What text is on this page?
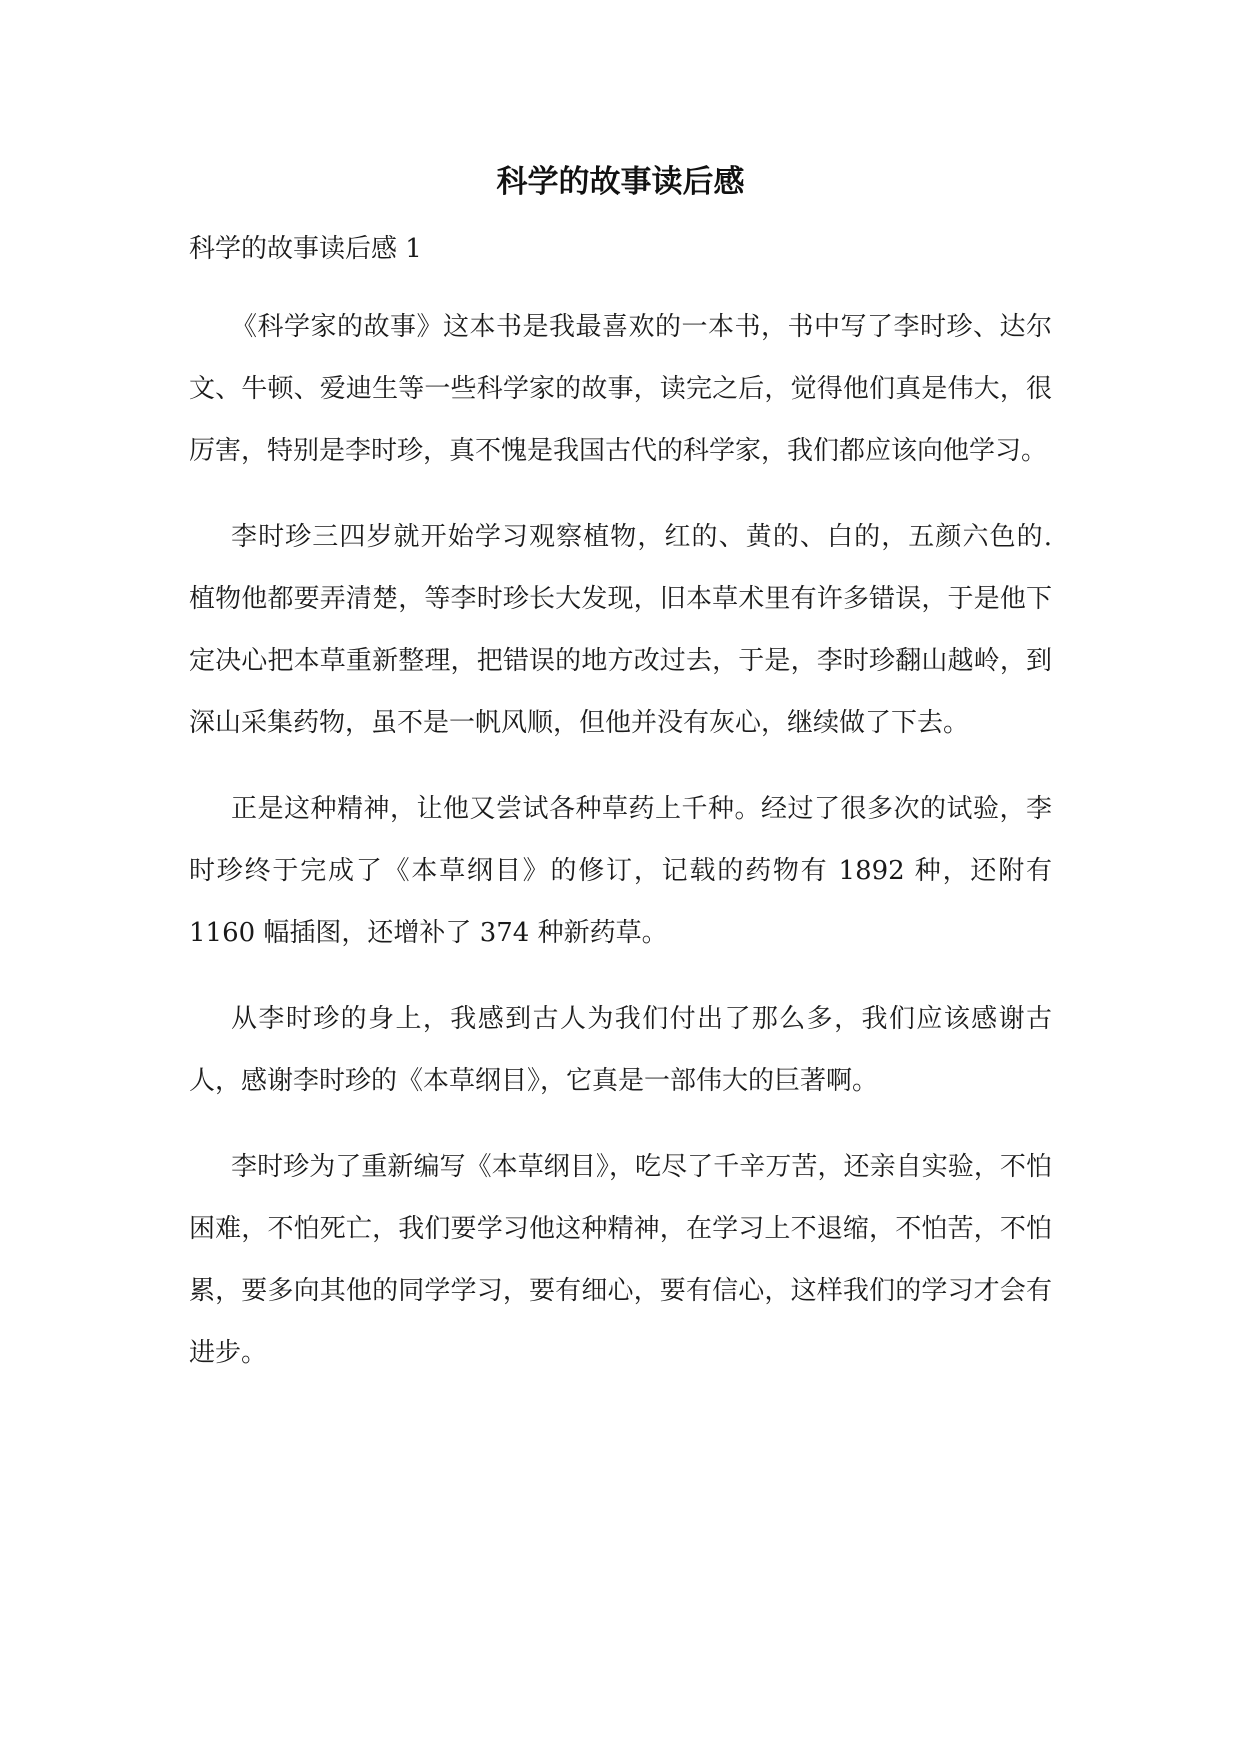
科学的故事读后感

科学的故事读后感 1

《科学家的故事》这本书是我最喜欢的一本书，书中写了李时珍、达尔文、牛顿、爱迪生等一些科学家的故事，读完之后，觉得他们真是伟大，很厉害，特别是李时珍，真不愧是我国古代的科学家，我们都应该向他学习。

李时珍三四岁就开始学习观察植物，红的、黄的、白的，五颜六色的. 植物他都要弄清楚，等李时珍长大发现，旧本草术里有许多错误，于是他下定决心把本草重新整理，把错误的地方改过去，于是，李时珍翻山越岭，到深山采集药物，虽不是一帆风顺，但他并没有灰心，继续做了下去。

正是这种精神，让他又尝试各种草药上千种。经过了很多次的试验，李时珍终于完成了《本草纲目》的修订，记载的药物有 1892 种，还附有 1160 幅插图，还增补了 374 种新药草。

从李时珍的身上，我感到古人为我们付出了那么多，我们应该感谢古人，感谢李时珍的《本草纲目》，它真是一部伟大的巨著啊。

李时珍为了重新编写《本草纲目》，吃尽了千辛万苦，还亲自实验，不怕困难，不怕死亡，我们要学习他这种精神，在学习上不退缩，不怕苦，不怕累，要多向其他的同学学习，要有细心，要有信心，这样我们的学习才会有进步。
